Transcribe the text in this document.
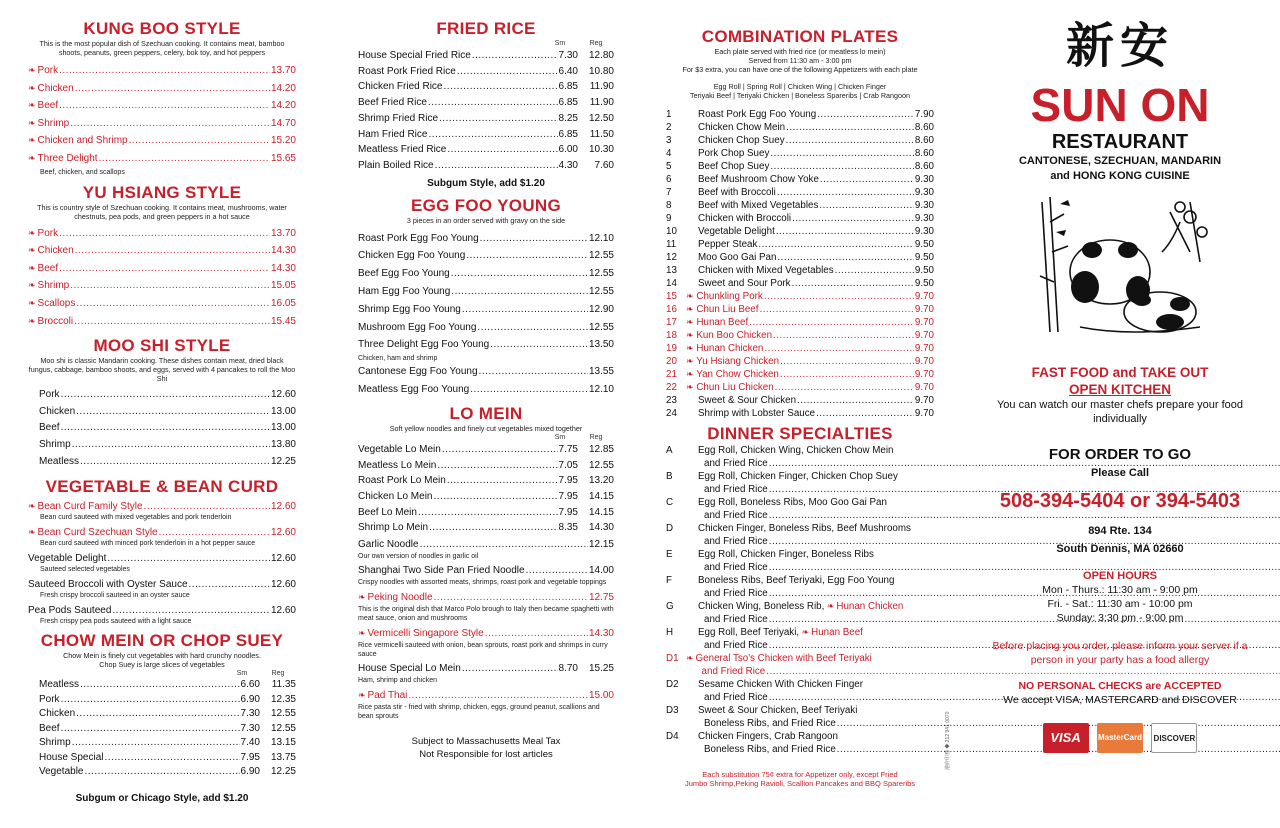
KUNG BOO STYLE
This is the most popular dish of Szechuan cooking. It contains meat, bamboo shoots, peanuts, green peppers, celery, bok toy, and hot peppers
❧ Pork .....	13.70
❧ Chicken .....	14.20
❧ Beef .....	14.20
❧ Shrimp .....	14.70
❧ Chicken and Shrimp .....	15.20
❧ Three Delight .....	15.65
Beef, chicken, and scallops
YU HSIANG STYLE
This is country style of Szechuan cooking. It contains meat, mushrooms, water chestnuts, pea pods, and green peppers in a hot sauce
❧ Pork .....	13.70
❧ Chicken .....	14.30
❧ Beef .....	14.30
❧ Shrimp .....	15.05
❧ Scallops .....	16.05
❧ Broccoli .....	15.45
MOO SHI STYLE
Moo shi is classic Mandarin cooking. These dishes contain meat, dried black fungus, cabbage, bamboo shoots, and eggs, served with 4 pancakes to roll the Moo Shi
Pork .....	12.60
Chicken .....	13.00
Beef .....	13.00
Shrimp .....	13.80
Meatless .....	12.25
VEGETABLE & BEAN CURD
❧ Bean Curd Family Style .....	12.60
Bean curd sauteed with mixed vegetables and pork tenderloin
❧ Bean Curd Szechuan Style .....	12.60
Bean curd sauteed with minced pork tenderloin in a hot pepper sauce
Vegetable Delight .....	12.60
Sauteed selected vegetables
Sauteed Broccoli with Oyster Sauce .....	12.60
Fresh crispy broccoli sauteed in an oyster sauce
Pea Pods Sauteed .....	12.60
Fresh crispy pea pods sauteed with a light sauce
CHOW MEIN OR CHOP SUEY
Chow Mein is finely cut vegetables with hard crunchy noodles.
Chop Suey is large slices of vegetables
Sm	Reg
Meatless .....	6.60	11.35
Pork .....	6.90	12.35
Chicken .....	7.30	12.55
Beef .....	7.30	12.55
Shrimp .....	7.40	13.15
House Special .....	7.95	13.75
Vegetable .....	6.90	12.25
Subgum or Chicago Style, add $1.20
FRIED RICE
Sm	Reg
House Special Fried Rice .....	7.30	12.80
Roast Pork Fried Rice .....	6.40	10.80
Chicken Fried Rice .....	6.85	11.90
Beef Fried Rice .....	6.85	11.90
Shrimp Fried Rice .....	8.25	12.50
Ham Fried Rice .....	6.85	11.50
Meatless Fried Rice .....	6.00	10.30
Plain Boiled Rice .....	4.30	7.60
Subgum Style, add $1.20
EGG FOO YOUNG
3 pieces in an order served with gravy on the side
Roast Pork Egg Foo Young .....	12.10
Chicken Egg Foo Young .....	12.55
Beef Egg Foo Young .....	12.55
Ham Egg Foo Young .....	12.55
Shrimp Egg Foo Young .....	12.90
Mushroom Egg Foo Young .....	12.55
Three Delight Egg Foo Young .....	13.50
Chicken, ham and shrimp
Cantonese Egg Foo Young .....	13.55
Meatless Egg Foo Young .....	12.10
LO MEIN
Soft yellow noodles and finely cut vegetables mixed together
Sm	Reg
Vegetable Lo Mein .....	7.75	12.85
Meatless Lo Mein .....	7.05	12.55
Roast Pork Lo Mein .....	7.95	13.20
Chicken Lo Mein .....	7.95	14.15
Beef Lo Mein .....	7.95	14.15
Shrimp Lo Mein .....	8.35	14.30
Garlic Noodle .....	12.15
Our own version of noodles in garlic oil
Shanghai Two Side Pan Fried Noodle .....	14.00
Crispy noodles with assorted meats, shrimps, roast pork and vegetable toppings
❧ Peking Noodle .....	12.75
This is the original dish that Marco Polo brough to Italy then became spaghetti with meat sauce, onion and mushrooms
❧ Vermicelli Singapore Style .....	14.30
Rice vermicelli sauteed with onion, bean sprouts, roast pork and shrimps in curry sauce
House Special Lo Mein .....	8.70	15.25
Ham, shrimp and chicken
❧ Pad Thai .....	15.00
Rice pasta stir - fried with shrimp, chicken, eggs, ground peanut, scallions and bean sprouts
Subject to Massachusetts Meal Tax
Not Responsible for lost articles
COMBINATION PLATES
Each plate served with fried rice (or meatless lo mein)
Served from 11:30 am - 3:00 pm
For $3 extra, you can have one of the following Appetizers with each plate
Egg Roll | Spring Roll | Chicken Wing | Chicken Finger
Teriyaki Beef | Teriyaki Chicken | Boneless Spareribs | Crab Rangoon
1	Roast Pork Egg Foo Young .....	7.90
2	Chicken Chow Mein .....	8.60
3	Chicken Chop Suey .....	8.60
4	Pork Chop Suey .....	8.60
5	Beef Chop Suey .....	8.60
6	Beef Mushroom Chow Yoke .....	9.30
7	Beef with Broccoli .....	9.30
8	Beef with Mixed Vegetables .....	9.30
9	Chicken with Broccoli .....	9.30
10	Vegetable Delight .....	9.30
11	Pepper Steak .....	9.50
12	Moo Goo Gai Pan .....	9.50
13	Chicken with Mixed Vegetables .....	9.50
14	Sweet and Sour Pork .....	9.50
15	❧ Chunkling Pork .....	9.70
16	❧ Chun Liu Beef .....	9.70
17	❧ Hunan Beef .....	9.70
18	❧ Kun Boo Chicken .....	9.70
19	❧ Hunan Chicken .....	9.70
20	❧ Yu Hsiang Chicken .....	9.70
21	❧ Yan Chow Chicken .....	9.70
22	❧ Chun Liu Chicken .....	9.70
23	Sweet & Sour Chicken .....	9.70
24	Shrimp with Lobster Sauce .....	9.70
DINNER SPECIALTIES
A	Egg Roll, Chicken Wing, Chicken Chow Mein
and Fried Rice
.....
B	Egg Roll, Chicken Finger, Chicken Chop Suey
and Fried Rice
.....
C	Egg Roll, Boneless Ribs, Moo Goo Gai Pan
and Fried Rice
.....
D	Chicken Finger, Boneless Ribs, Beef Mushrooms
and Fried Rice
.....
E	Egg Roll, Chicken Finger, Boneless Ribs
and Fried Rice
.....
F	Boneless Ribs, Beef Teriyaki, Egg Foo Young
and Fried Rice
.....
G	Chicken Wing, Boneless Rib, ❧ Hunan Chicken
and Fried Rice
.....
H	Egg Roll, Beef Teriyaki, ❧ Hunan Beef
and Fried Rice
.....
D1 ❧ General Tso's Chicken with Beef Teriyaki
and Fried Rice
.....
D2	Sesame Chicken With Chicken Finger
and Fried Rice
.....
D3	Sweet & Sour Chicken, Beef Teriyaki
Boneless Ribs, and Fried Rice
.....
D4	Chicken Fingers, Crab Rangoon
Boneless Ribs, and Fried Rice
.....
Each substitution 75¢ extra for Appetizer only, except Fried
Jumbo Shrimp,Peking Ravioli, Scallion Pancakes and BBQ Spareribs
港府印務 ◆ 212 941 0070
新安
SUN ON
RESTAURANT
CANTONESE, SZECHUAN, MANDARIN
and HONG KONG CUISINE
FAST FOOD and TAKE OUT
OPEN KITCHEN
You can watch our master chefs prepare your food individually
FOR ORDER TO GO
Please Call
508-394-5404 or 394-5403
894 Rte. 134
South Dennis, MA 02660
OPEN HOURS
Mon - Thurs.: 11:30 am - 9:00 pm
Fri. - Sat.: 11:30 am - 10:00 pm
Sunday: 3:30 pm - 9:00 pm
Before placing you order, please inform your server if a person in your party has a food allergy
NO PERSONAL CHECKS are ACCEPTED
We accept VISA, MASTERCARD and DISCOVER
VISA MasterCard DISCOVER
